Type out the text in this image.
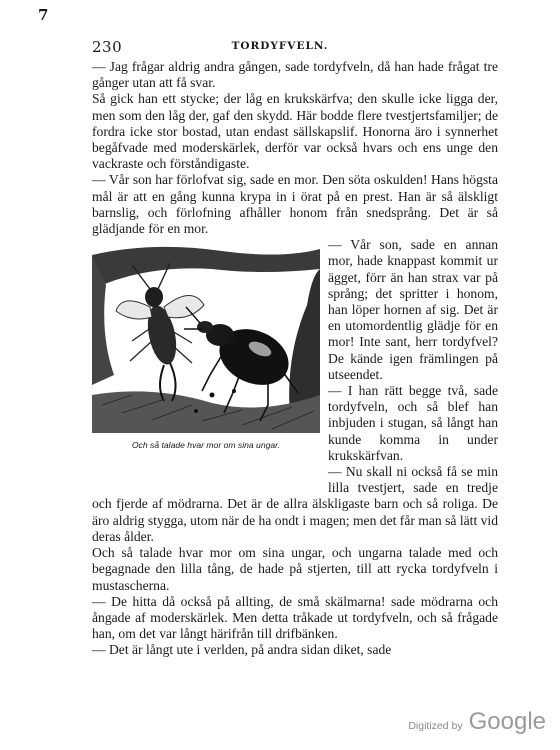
7
230	TORDYFVELN.

— Jag frågar aldrig andra gången, sade tordyfveln, då han hade frågat tre gånger utan att få svar.

Så gick han ett stycke; der låg en krukskärfva; den skulle icke ligga der, men som den låg der, gaf den skydd. Här bodde flere tvestjertsfamiljer; de fordra icke stor bostad, utan endast sällskapslif. Honorna äro i synnerhet begåfvade med moderskärlek, derför var också hvars och ens unge den vackraste och förståndigaste.

— Vår son har förlofvat sig, sade en mor. Den söta oskulden! Hans högsta mål är att en gång kunna krypa in i örat på en prest. Han är så älskligt barnslig, och förlofning afhåller honom från snedsprång. Det är så glädjande för en mor.

Och så talade hvar mor om sina ungar.

— Vår son, sade en annan mor, hade knappast kommit ur ägget, förr än han strax var på språng; det spritter i honom, han löper hornen af sig. Det är en utomordentlig glädje för en mor! Inte sant, herr tordyfvel? De kände igen främlingen på utseendet.

— I han rätt begge två, sade tordyfveln, och så blef han inbjuden i stugan, så långt han kunde komma in under krukskärfvan.

— Nu skall ni också få se min lilla tvestjert, sade en tredje och fjerde af mödrarna. Det är de allra älskligaste barn och så roliga. De äro aldrig stygga, utom när de ha ondt i magen; men det får man så lätt vid deras ålder.

Och så talade hvar mor om sina ungar, och ungarna talade med och begagnade den lilla tång, de hade på stjerten, till att rycka tordyfveln i mustascherna.

— De hitta då också på allting, de små skälmarna! sade mödrarna och ångade af moderskärlek. Men detta tråkade ut tordyfveln, och så frågade han, om det var långt härifrån till drifbänken.

— Det är långt ute i verlden, på andra sidan diket, sade

Digitized by Google
